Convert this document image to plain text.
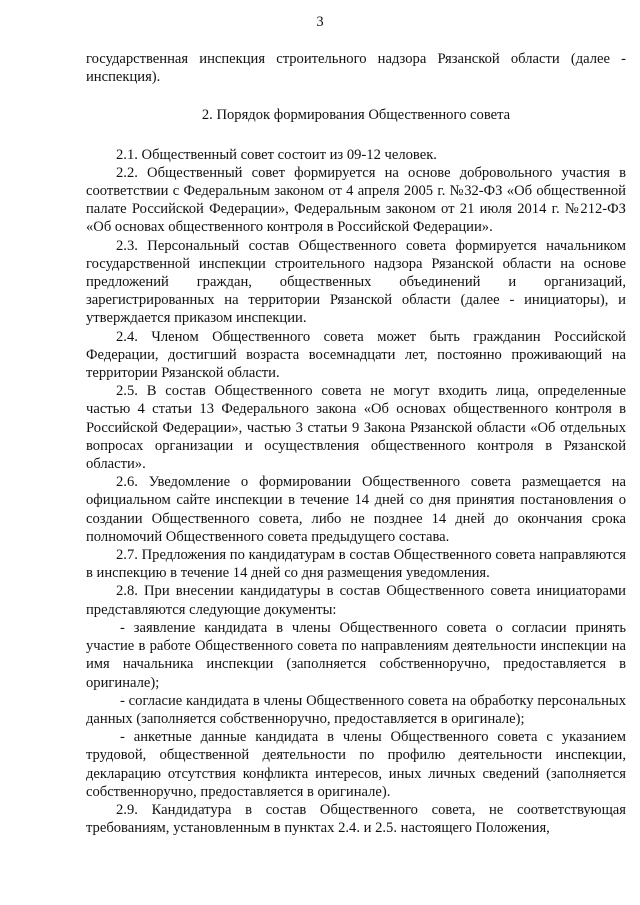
3

государственная инспекция строительного надзора Рязанской области (далее - инспекция).

2. Порядок формирования Общественного совета

2.1. Общественный совет состоит из 09-12 человек.

2.2. Общественный совет формируется на основе добровольного участия в соответствии с Федеральным законом от 4 апреля 2005 г. №32-ФЗ «Об общественной палате Российской Федерации», Федеральным законом от 21 июля 2014 г. №212-ФЗ «Об основах общественного контроля в Российской Федерации».

2.3. Персональный состав Общественного совета формируется начальником государственной инспекции строительного надзора Рязанской области на основе предложений граждан, общественных объединений и организаций, зарегистрированных на территории Рязанской области (далее - инициаторы), и утверждается приказом инспекции.

2.4. Членом Общественного совета может быть гражданин Российской Федерации, достигший возраста восемнадцати лет, постоянно проживающий на территории Рязанской области.

2.5. В состав Общественного совета не могут входить лица, определенные частью 4 статьи 13 Федерального закона «Об основах общественного контроля в Российской Федерации», частью 3 статьи 9 Закона Рязанской области «Об отдельных вопросах организации и осуществления общественного контроля в Рязанской области».

2.6. Уведомление о формировании Общественного совета размещается на официальном сайте инспекции в течение 14 дней со дня принятия постановления о создании Общественного совета, либо не позднее 14 дней до окончания срока полномочий Общественного совета предыдущего состава.

2.7. Предложения по кандидатурам в состав Общественного совета направляются в инспекцию в течение 14 дней со дня размещения уведомления.

2.8. При внесении кандидатуры в состав Общественного совета инициаторами представляются следующие документы:

- заявление кандидата в члены Общественного совета о согласии принять участие в работе Общественного совета по направлениям деятельности инспекции на имя начальника инспекции (заполняется собственноручно, предоставляется в оригинале);

- согласие кандидата в члены Общественного совета на обработку персональных данных (заполняется собственноручно, предоставляется в оригинале);

- анкетные данные кандидата в члены Общественного совета с указанием трудовой, общественной деятельности по профилю деятельности инспекции, декларацию отсутствия конфликта интересов, иных личных сведений (заполняется собственноручно, предоставляется в оригинале).

2.9. Кандидатура в состав Общественного совета, не соответствующая требованиям, установленным в пунктах 2.4. и 2.5. настоящего Положения,
